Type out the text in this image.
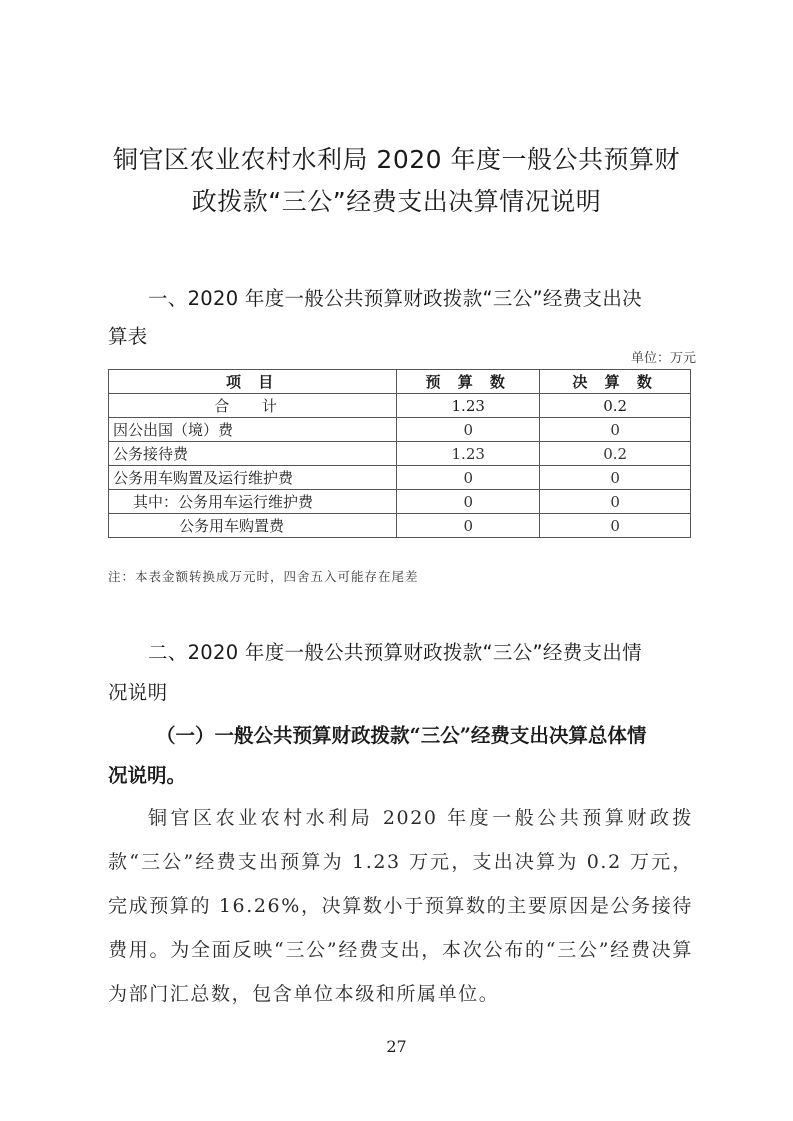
铜官区农业农村水利局 2020 年度一般公共预算财
政拨款“三公”经费支出决算情况说明
一、2020 年度一般公共预算财政拨款“三公”经费支出决
算表
单位：万元
项 目	预 算 数	决 算 数
合 计	1.23	0.2
因公出国（境）费	0	0
公务接待费	1.23	0.2
公务用车购置及运行维护费	0	0
其中：公务用车运行维护费	0	0
公务用车购置费	0	0
注：本表金额转换成万元时，四舍五入可能存在尾差
二、2020 年度一般公共预算财政拨款“三公”经费支出情
况说明
（一）一般公共预算财政拨款“三公”经费支出决算总体情
况说明。
铜官区农业农村水利局 2020 年度一般公共预算财政拨款“三公”经费支出预算为 1.23 万元，支出决算为 0.2 万元，完成预算的 16.26%，决算数小于预算数的主要原因是公务接待费用。为全面反映“三公”经费支出，本次公布的“三公”经费决算为部门汇总数，包含单位本级和所属单位。
27
